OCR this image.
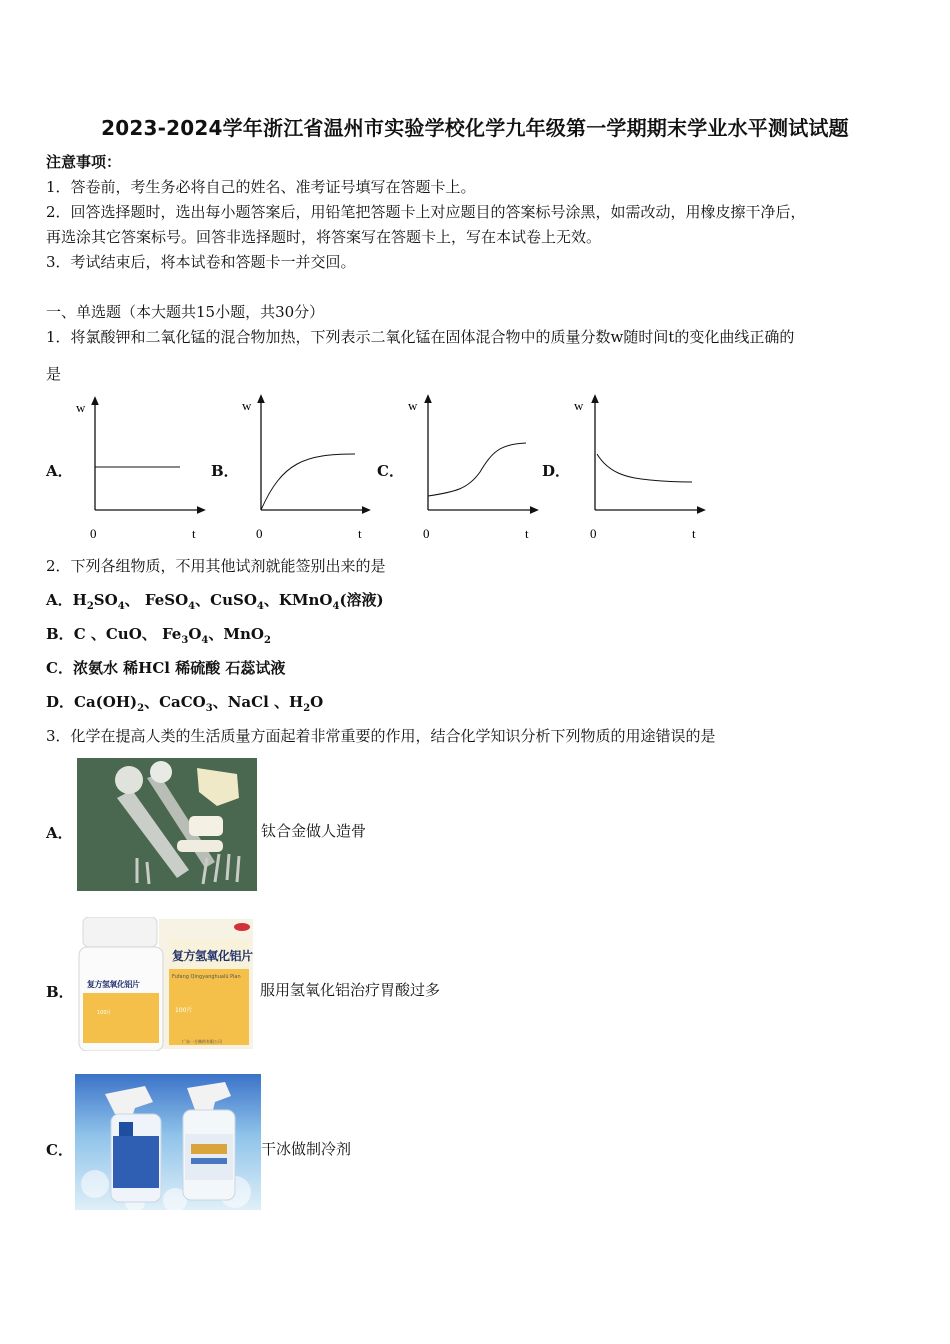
2023-2024学年浙江省温州市实验学校化学九年级第一学期期末学业水平测试试题
注意事项：
1．答卷前，考生务必将自己的姓名、准考证号填写在答题卡上。
2．回答选择题时，选出每小题答案后，用铅笔把答题卡上对应题目的答案标号涂黑，如需改动，用橡皮擦干净后，
再选涂其它答案标号。回答非选择题时，将答案写在答题卡上，写在本试卷上无效。
3．考试结束后，将本试卷和答题卡一并交回。
一、单选题（本大题共15小题，共30分）
1．将氯酸钾和二氧化锰的混合物加热，下列表示二氧化锰在固体混合物中的质量分数w随时间t的变化曲线正确的
是
A．	B．	C．	D．
w
0	t
w
0	t
w
0	t
w
0	t
2．下列各组物质，不用其他试剂就能签别出来的是
A．$H_2SO_4$、 FeSO$_4$、CuSO$_4$、KMnO$_4$(溶液)
B．C 、CuO、 $Fe_3O_4$、MnO$_2$
C．浓氨水 稀HCl 稀硫酸 石蕊试液
D．$Ca(OH)_2$、CaCO$_3$、NaCl 、$H_2O$
3．化学在提高人类的生活质量方面起着非常重要的作用，结合化学知识分析下列物质的用途错误的是
A．	钛合金做人造骨
B．
复方氢氧化铝片
Fufang Qingyanghualü Pian
100片
广东一方制药有限公司
复方氢氧化铝片
100片
服用氢氧化铝治疗胃酸过多
C．	干冰做制冷剂
